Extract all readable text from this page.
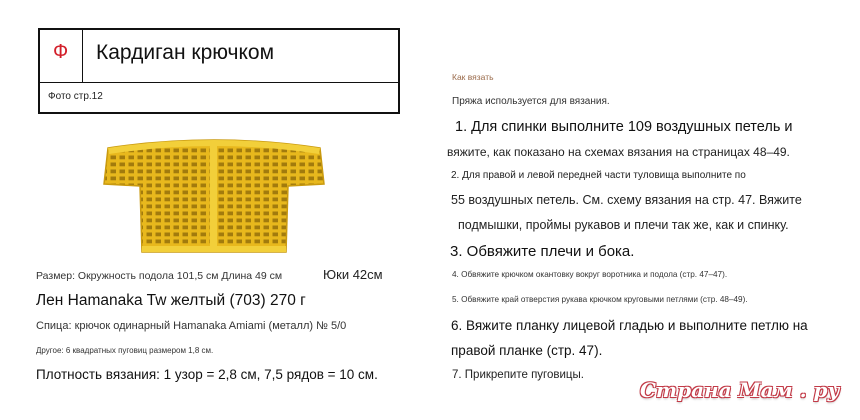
Ф Кардиган крючком
Фото стр.12
Размер: Окружность подола 101,5 см Длина 49 см	Юки 42см
Лен Hamanaka Tw желтый (703) 270 г
Спица: крючок одинарный Hamanaka Amiami (металл) № 5/0
Другое: 6 квадратных пуговиц размером 1,8 см.
Плотность вязания: 1 узор = 2,8 см, 7,5 рядов = 10 см.
Как вязать
Пряжа используется для вязания.
1. Для спинки выполните 109 воздушных петель и
вяжите, как показано на схемах вязания на страницах 48–49.
2. Для правой и левой передней части туловища выполните по
55 воздушных петель. См. схему вязания на стр. 47. Вяжите
подмышки, проймы рукавов и плечи так же, как и спинку.
3. Обвяжите плечи и бока.
4. Обвяжите крючком окантовку вокруг воротника и подола (стр. 47–47).
5. Обвяжите край отверстия рукава крючком круговыми петлями (стр. 48–49).
6. Вяжите планку лицевой гладью и выполните петлю на
правой планке (стр. 47).
7. Прикрепите пуговицы.
Страна Мам . ру
